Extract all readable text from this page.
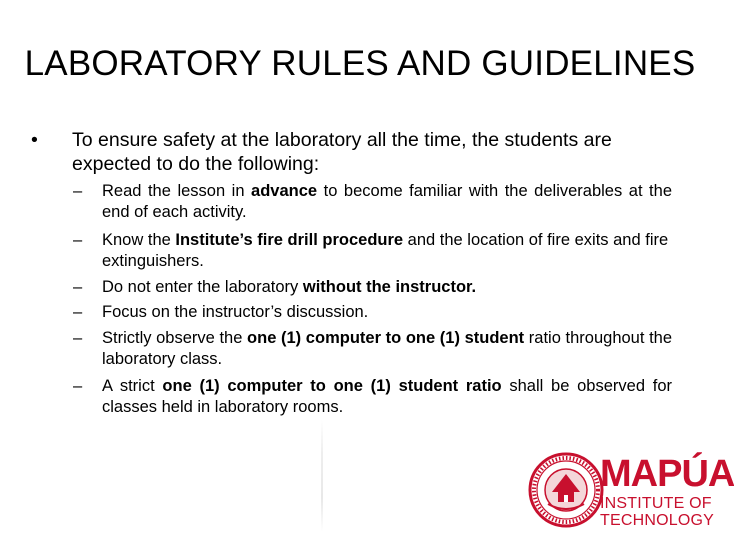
LABORATORY RULES AND GUIDELINES
• To ensure safety at the laboratory all the time, the students are expected to do the following:
– Read the lesson in advance to become familiar with the deliverables at the end of each activity.
– Know the Institute’s fire drill procedure and the location of fire exits and fire extinguishers.
– Do not enter the laboratory without the instructor.
– Focus on the instructor’s discussion.
– Strictly observe the one (1) computer to one (1) student ratio throughout the laboratory class.
– A strict one (1) computer to one (1) student ratio shall be observed for classes held in laboratory rooms.
MAPÚA
INSTITUTE OF
TECHNOLOGY
